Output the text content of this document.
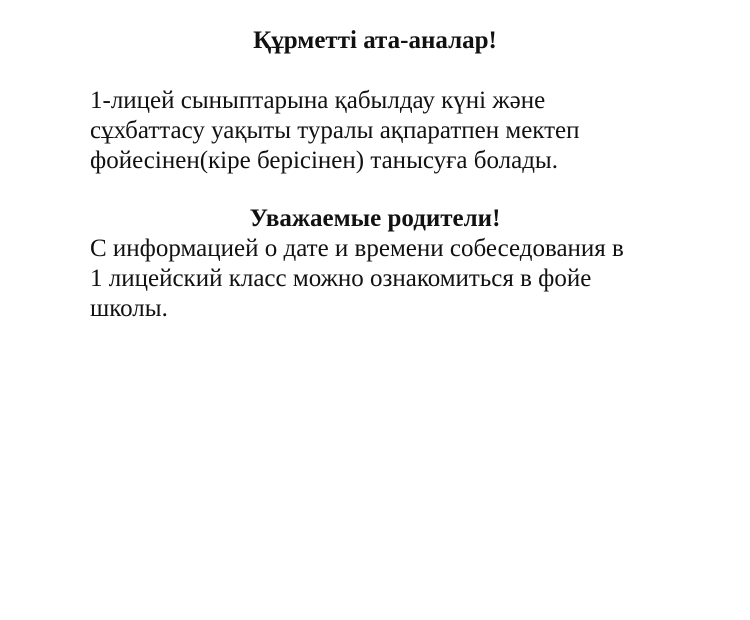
Құрметті ата-аналар!

1-лицей сыныптарына қабылдау күні және
сұхбаттасу уақыты туралы ақпаратпен мектеп
фойесінен(кіре берісінен) танысуға болады.

Уважаемые родители!

С информацией о дате и времени собеседования в
1 лицейский класс можно ознакомиться в фойе
школы.
